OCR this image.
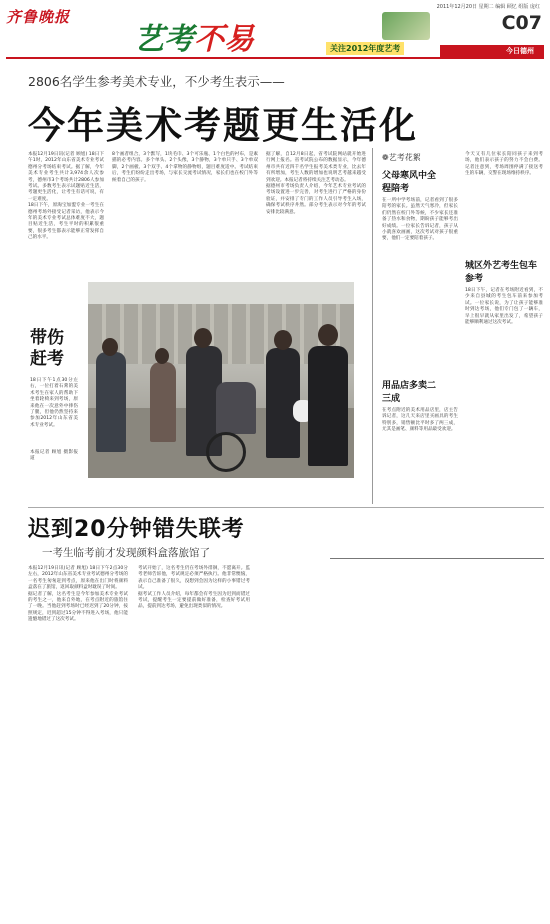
齐鲁晚报
2011年12月20日 星期二 编辑 顾忆 组版 庞红
艺考不易	关注2012年度艺考
C07
今日德州
2806名学生参考美术专业，不少考生表示——
今年美术考题更生活化
本报12月19日讯(记者 顾旭) 18日下午1时，2012年山东省美术专业考试德州分考场结束考试。据了解，今年美术专业考生共计3,974余人次参考，德州市3个考场共计2806人参加考试。多数考生表示试题贴近生活，考题更生活化，让考生有话可说，有一定难度。
18日下午，原淘宝加盟专业一考生在德州考场外接受记者采访，他表示今年的美术专业考试总体难度不大，题目贴近生活，考生平时的积累很重要，很多考生都表示能够正常发挥自己的水平。
8个画者组合，3个默写，1块毛巾、3个可乐瓶、1个白色的衬布，是素描的必考内容。多个单头、2个头像，3个静物，3个单只手、3个单双脚，2个画板、3个双手、4个拿物的静物组，题目难度适中。考试结束后，考生们纷纷走出考场，与家长交流考试情况，家长们也在校门外等候着自己的孩子。
据了解，自12月8日起，省考试院网站就开始进行网上报名。省考试院公布的数据显示，今年德州市共有近四千名学生报考美术类专业，比去年有所增加，考生人数的增加也说明艺考越来越受到欢迎。本报记者将持续关注艺考动态。
据德州市考场负责人介绍，今年艺术专业考试的考场设置进一步完善，对考生进行了严格的身份验证，并安排了专门的工作人员引导考生入场，确保考试秩序井然。部分考生表示对今年的考试安排比较满意。
带伤赶考
18日下午1点30分左右，一位打着石膏的美术考生在家人的帮助下坐着轮椅来到考场，原来他在一次意外中摔伤了腿，但他仍然坚持来参加2012年山东省美术专业考试。
本报记者 顾旭 摄影报道
❁艺考花絮
父母寒风中全程陪考
在一所中学考场前，记者看到了很多陪考的家长。虽然天气寒冷，但家长们仍然在校门外等候，不少家长还准备了热水和食物，期盼孩子能够考出好成绩。一位家长告诉记者，孩子从小就喜欢画画，这次考试对孩子很重要，他们一定要陪着孩子。
用品店多卖二三成
在考点附近的美术用品店里，店主告诉记者，这几天来店里买画具的考生特别多，销售额比平时多了两三成，尤其是画笔、颜料等用品最受欢迎。
今天又有几位家长陪同孩子来到考场，他们表示孩子的努力不会白费。记者注意到，考场周围停满了接送考生的车辆，交警在现场维持秩序。
城区外艺考生包车参考
18日下午，记者在考场附近看到，不少来自县城的考生包车前来参加考试。一位家长说，为了让孩子能够准时到达考场，他们专门包了一辆车，早上很早就从家里出发了，希望孩子能够顺利通过这次考试。
迟到20分钟错失联考
一考生临考前才发现颜料盒落旅馆了
本报12月19日讯(记者 顾旭) 18日下午2点30分左右，2012年山东省美术专业考试德州分考场的一名考生匆匆赶到考点，原来他在出门时将颜料盒落在了旅馆，返回取颜料盒时耽误了时间。
据记者了解，这名考生是今年参加美术专业考试的考生之一，他来自外地，在考点附近的旅馆住了一晚。当他赶到考场时已经迟到了20分钟，按照规定，迟到超过15分钟不得进入考场，他只能遗憾地错过了这次考试。
考试开始了，这名考生仍在考场外徘徊，不愿离开。监考老师告诉他，考试规定必须严格执行。他非常懊恼，表示自己准备了很久，没想到会因为这样的小事错过考试。
据考试工作人员介绍，每年都会有考生因为迟到而错过考试，提醒考生一定要提前做好准备，检查好考试用品，提前到达考场，避免出现类似的情况。
